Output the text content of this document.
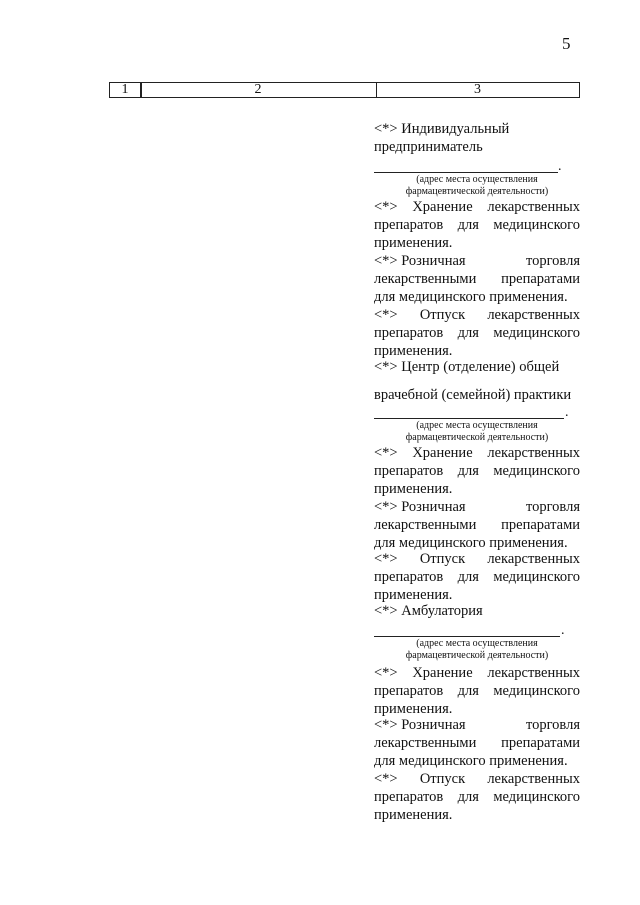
5
1	2	3
<*> Индивидуальный
предприниматель
.
(адрес места осуществления
фармацевтической деятельности)
<*> Хранение лекарственных препаратов для медицинского применения.
<*> Розничная	торговля
лекарственными препаратами для медицинского применения.
<*> Отпуск лекарственных препаратов для медицинского применения.
<*> Центр (отделение) общей
врачебной (семейной) практики
.
(адрес места осуществления
фармацевтической деятельности)
<*> Хранение лекарственных препаратов для медицинского применения.
<*> Розничная	торговля
лекарственными препаратами для медицинского применения.
<*> Отпуск лекарственных препаратов для медицинского применения.
<*> Амбулатория
.
(адрес места осуществления
фармацевтической деятельности)
<*> Хранение лекарственных препаратов для медицинского применения.
<*> Розничная	торговля
лекарственными препаратами для медицинского применения.
<*> Отпуск лекарственных препаратов для медицинского применения.
